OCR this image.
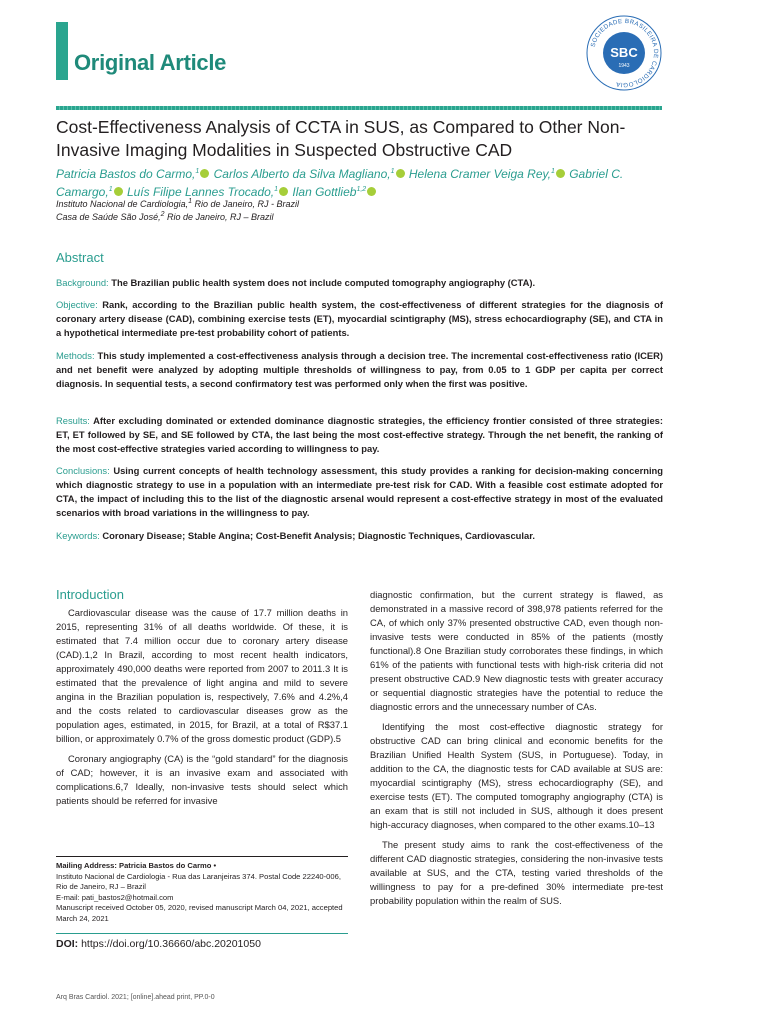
Original Article
SOCIEDADE BRASILEIRA DE CARDIOLOGIA
SBC
1943
Cost-Effectiveness Analysis of CCTA in SUS, as Compared to Other Non-Invasive Imaging Modalities in Suspected Obstructive CAD
Patricia Bastos do Carmo,$^1$ Carlos Alberto da Silva Magliano,$^1$ Helena Cramer Veiga Rey,$^1$ Gabriel C. Camargo,$^1$ Luís Filipe Lannes Trocado,$^1$ Ilan Gottlieb$^{1,2}$
Instituto Nacional de Cardiologia,$^1$ Rio de Janeiro, RJ - Brazil
Casa de Saúde São José,$^2$ Rio de Janeiro, RJ – Brazil
Abstract
Background: The Brazilian public health system does not include computed tomography angiography (CTA).
Objective: Rank, according to the Brazilian public health system, the cost-effectiveness of different strategies for the diagnosis of coronary artery disease (CAD), combining exercise tests (ET), myocardial scintigraphy (MS), stress echocardiography (SE), and CTA in a hypothetical intermediate pre-test probability cohort of patients.
Methods: This study implemented a cost-effectiveness analysis through a decision tree. The incremental cost-effectiveness ratio (ICER) and net benefit were analyzed by adopting multiple thresholds of willingness to pay, from 0.05 to 1 GDP per capita per correct diagnosis. In sequential tests, a second confirmatory test was performed only when the first was positive.
Results: After excluding dominated or extended dominance diagnostic strategies, the efficiency frontier consisted of three strategies: ET, ET followed by SE, and SE followed by CTA, the last being the most cost-effective strategy. Through the net benefit, the ranking of the most cost-effective strategies varied according to willingness to pay.
Conclusions: Using current concepts of health technology assessment, this study provides a ranking for decision-making concerning which diagnostic strategy to use in a population with an intermediate pre-test risk for CAD. With a feasible cost estimate adopted for CTA, the impact of including this to the list of the diagnostic arsenal would represent a cost-effective strategy in most of the evaluated scenarios with broad variations in the willingness to pay.
Keywords: Coronary Disease; Stable Angina; Cost-Benefit Analysis; Diagnostic Techniques, Cardiovascular.
Introduction

Cardiovascular disease was the cause of 17.7 million deaths in 2015, representing 31% of all deaths worldwide. Of these, it is estimated that 7.4 million occur due to coronary artery disease (CAD).1,2 In Brazil, according to most recent health indicators, approximately 490,000 deaths were reported from 2007 to 2011.3 It is estimated that the prevalence of light angina and mild to severe angina in the Brazilian population is, respectively, 7.6% and 4.2%,4 and the costs related to cardiovascular diseases grow as the population ages, estimated, in 2015, for Brazil, at a total of R$37.1 billion, or approximately 0.7% of the gross domestic product (GDP).5

Coronary angiography (CA) is the “gold standard” for the diagnosis of CAD; however, it is an invasive exam and associated with complications.6,7 Ideally, non-invasive tests should select which patients should be referred for invasive

diagnostic confirmation, but the current strategy is flawed, as demonstrated in a massive record of 398,978 patients referred for the CA, of which only 37% presented obstructive CAD, even though non-invasive tests were conducted in 85% of the patients (mostly functional).8 One Brazilian study corroborates these findings, in which 61% of the patients with functional tests with high-risk criteria did not present obstructive CAD.9 New diagnostic tests with greater accuracy or sequential diagnostic strategies have the potential to reduce the diagnostic errors and the unnecessary number of CAs.

Identifying the most cost-effective diagnostic strategy for obstructive CAD can bring clinical and economic benefits for the Brazilian Unified Health System (SUS, in Portuguese). Today, in addition to the CA, the diagnostic tests for CAD available at SUS are: myocardial scintigraphy (MS), stress echocardiography (SE), and exercise tests (ET). The computed tomography angiography (CTA) is an exam that is still not included in SUS, although it does present high-accuracy diagnoses, when compared to the other exams.10–13

The present study aims to rank the cost-effectiveness of the different CAD diagnostic strategies, considering the non-invasive tests available at SUS, and the CTA, testing varied thresholds of the willingness to pay for a pre-defined 30% intermediate pre-test probability population within the realm of SUS.

Mailing Address: Patricia Bastos do Carmo •
Instituto Nacional de Cardiologia - Rua das Laranjeiras 374. Postal Code 22240-006, Rio de Janeiro, RJ – Brazil
E-mail: pati_bastos2@hotmail.com
Manuscript received October 05, 2020, revised manuscript March 04, 2021, accepted March 24, 2021
DOI: https://doi.org/10.36660/abc.20201050
Arq Bras Cardiol. 2021; [online].ahead print, PP.0-0
